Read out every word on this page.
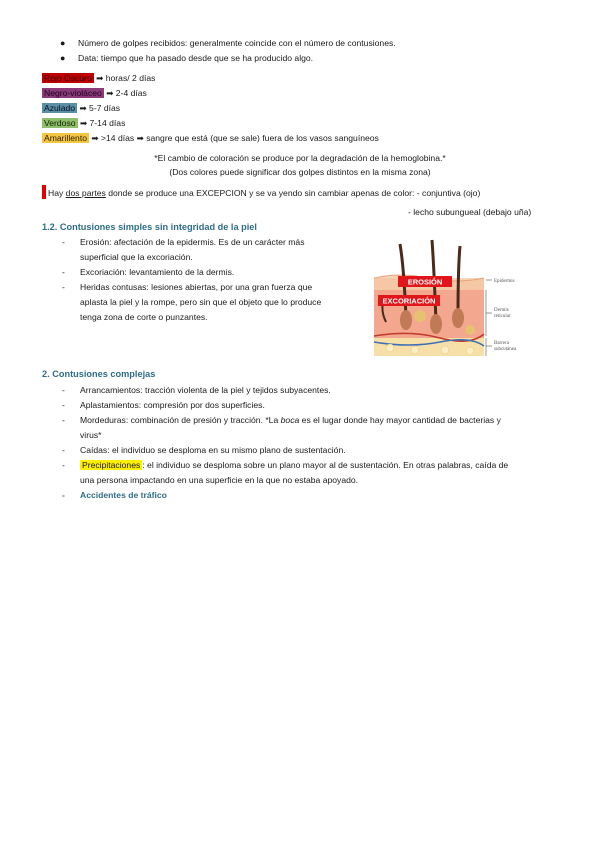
● Número de golpes recibidos: generalmente coincide con el número de contusiones.
● Data: tiempo que ha pasado desde que se ha producido algo.
Rojo Oscuro ➡ horas/ 2 días
Negro-violáceo ➡ 2-4 días
Azulado ➡ 5-7 días
Verdoso ➡ 7-14 días
Amarillento ➡ >14 días ➡ sangre que está (que se sale) fuera de los vasos sanguíneos
*El cambio de coloración se produce por la degradación de la hemoglobina.*
(Dos colores puede significar dos golpes distintos en la misma zona)
Hay dos partes donde se produce una EXCEPCION y se va yendo sin cambiar apenas de color: - conjuntiva (ojo)
- lecho subungueal (debajo uña)
1.2. Contusiones simples sin integridad de la piel
- Erosión: afectación de la epidermis. Es de un carácter más
superficial que la excoriación.
- Excoriación: levantamiento de la dermis.
- Heridas contusas: lesiones abiertas, por una gran fuerza que
aplasta la piel y la rompe, pero sin que el objeto que lo produce
tenga zona de corte o punzantes.
EROSIÓN
EXCORIACIÓN
Epidermis
Dermis
reticular
Barrera
subcutánea
2. Contusiones complejas
- Arrancamientos: tracción violenta de la piel y tejidos subyacentes.
- Aplastamientos: compresión por dos superficies.
- Mordeduras: combinación de presión y tracción. *La boca es el lugar donde hay mayor cantidad de bacterias y
virus*
- Caídas: el individuo se desploma en su mismo plano de sustentación.
- Precipitaciones : el individuo se desploma sobre un plano mayor al de sustentación. En otras palabras, caída de
una persona impactando en una superficie en la que no estaba apoyado.
- Accidentes de tráfico
